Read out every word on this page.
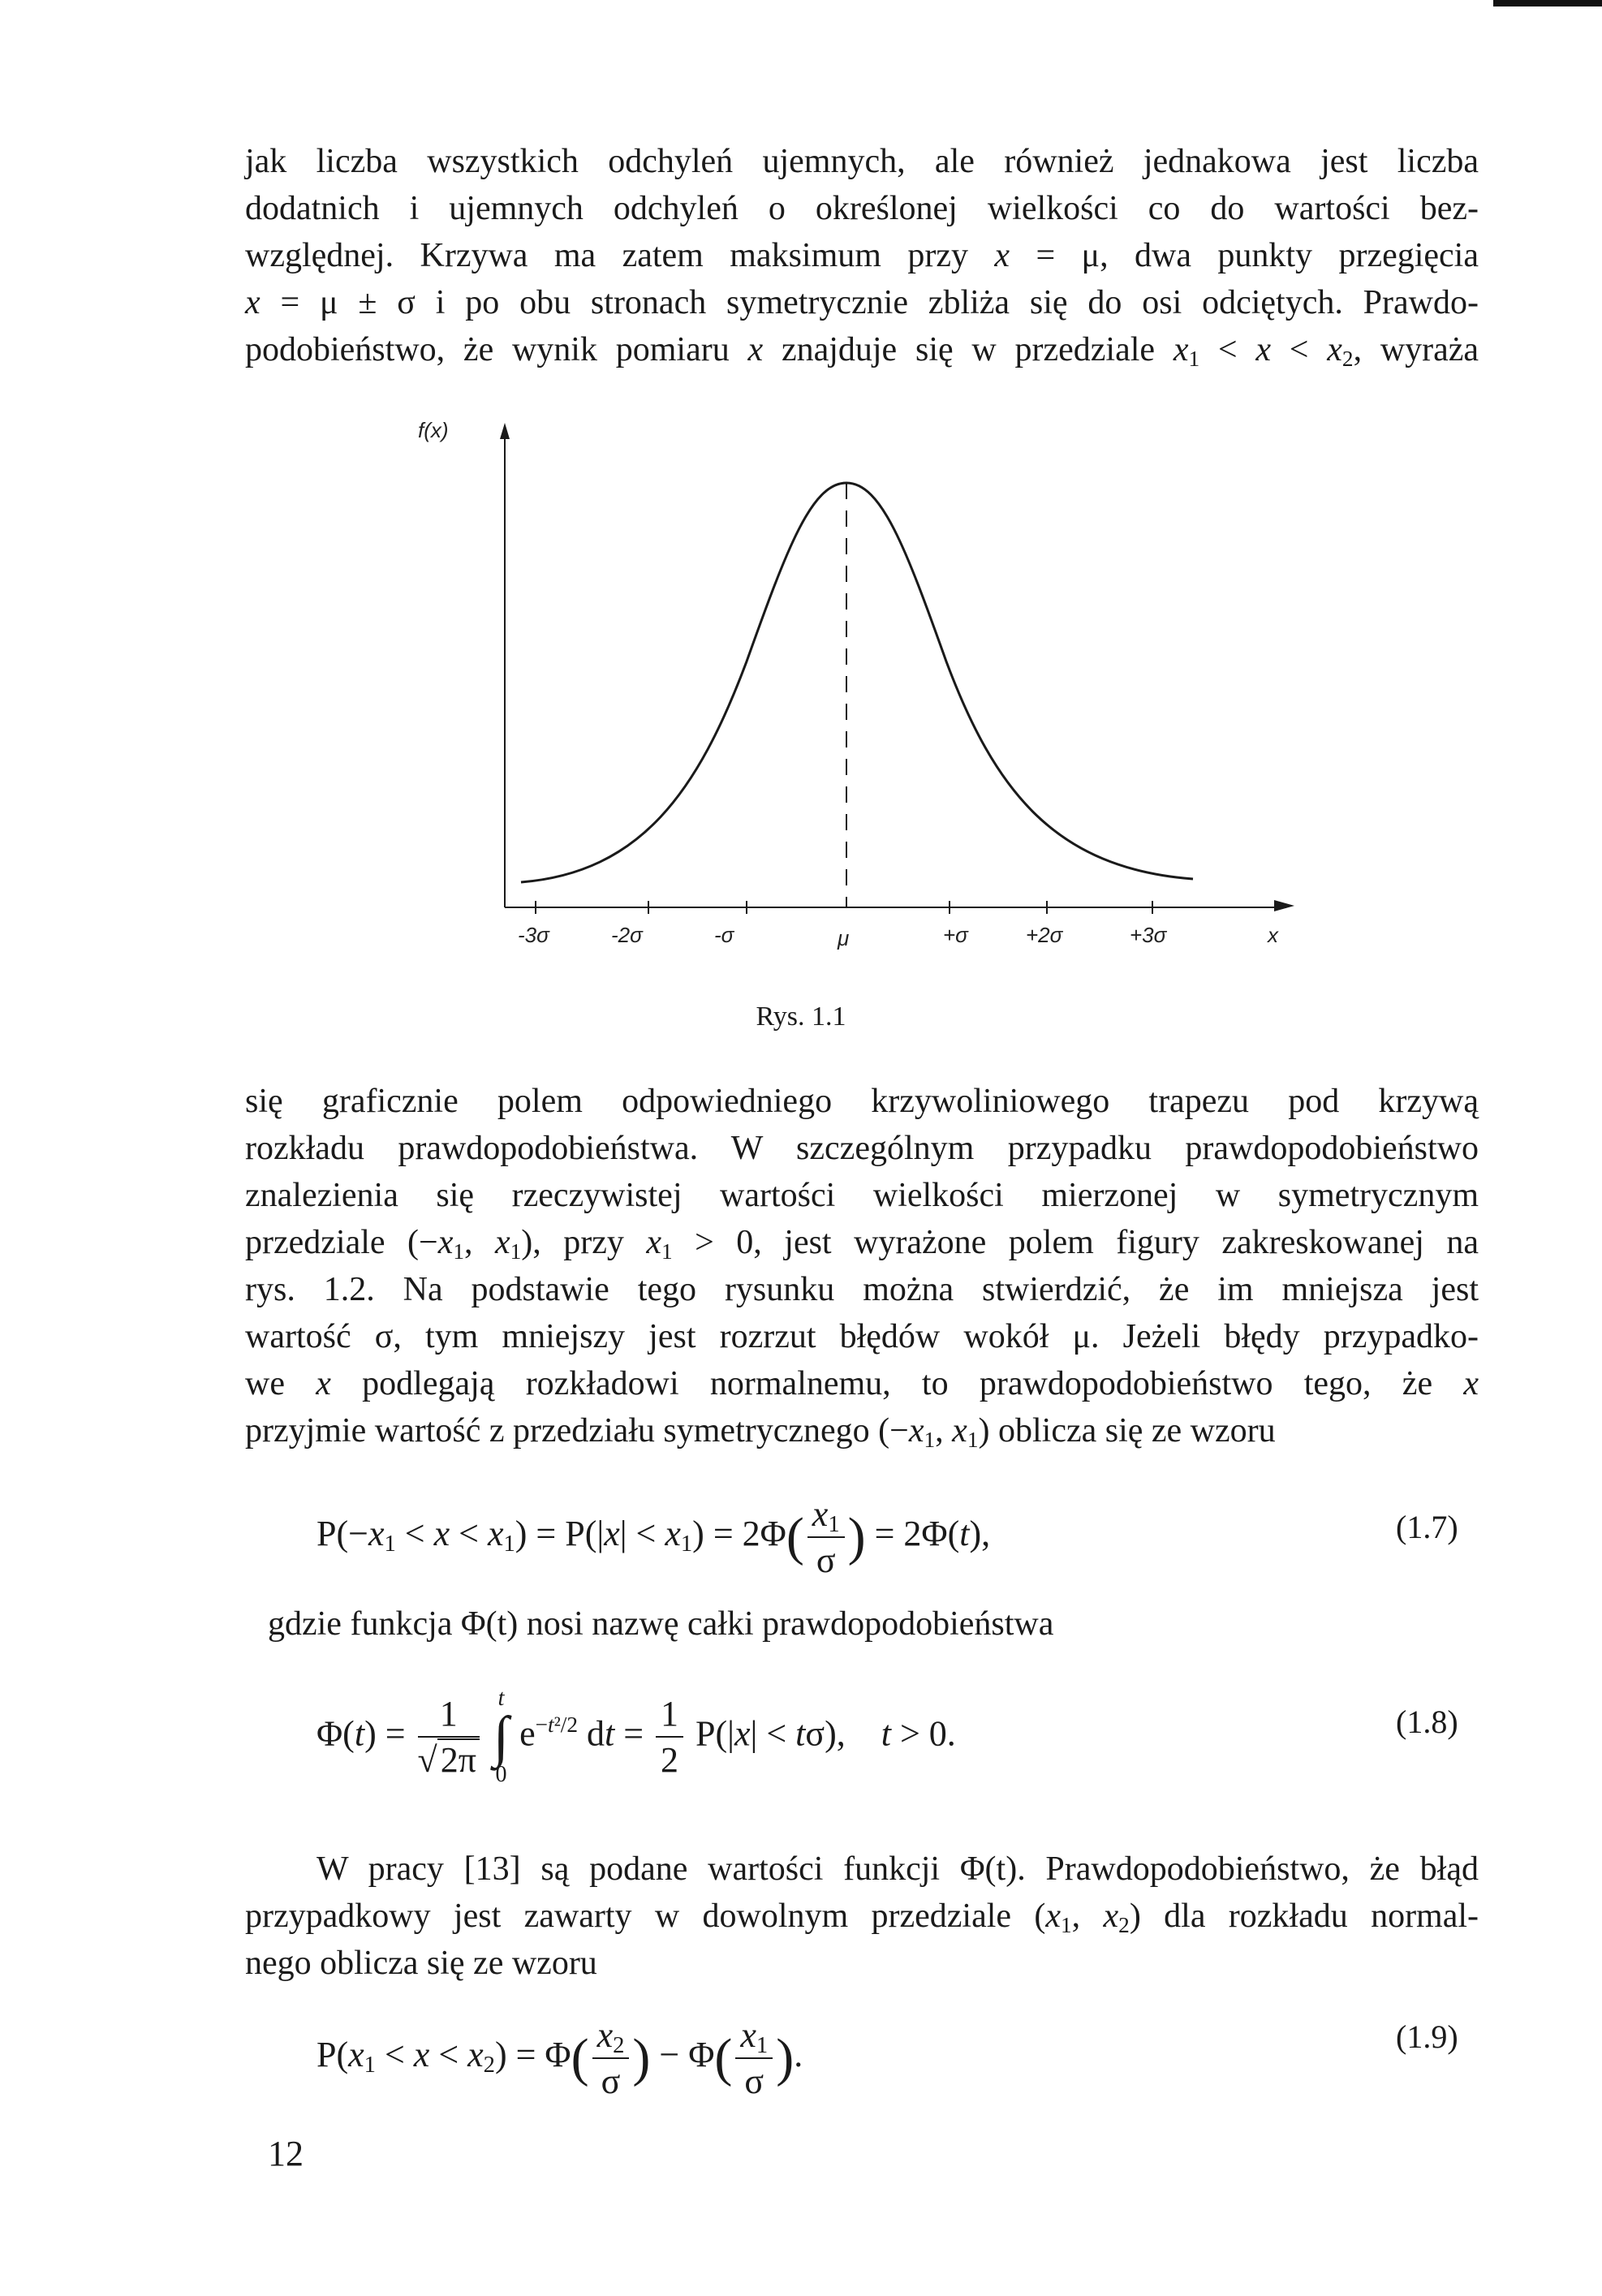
jak liczba wszystkich odchyleń ujemnych, ale również jednakowa jest liczba
dodatnich i ujemnych odchyleń o określonej wielkości co do wartości bez-
względnej. Krzywa ma zatem maksimum przy x = μ, dwa punkty przegięcia
x = μ ± σ i po obu stronach symetrycznie zbliża się do osi odciętych. Prawdo-
podobieństwo, że wynik pomiaru x znajduje się w przedziale $x_1 < x < x_2$, wyraża
f(x)
x
-3σ	-2σ	-σ	μ	+σ	+2σ	+3σ
Rys. 1.1
się graficznie polem odpowiedniego krzywoliniowego trapezu pod krzywą
rozkładu prawdopodobieństwa. W szczególnym przypadku prawdopodobieństwo
znalezienia się rzeczywistej wartości wielkości mierzonej w symetrycznym
przedziale ($-x_1$, $x_1$), przy $x_1 > 0$, jest wyrażone polem figury zakreskowanej na
rys. 1.2. Na podstawie tego rysunku można stwierdzić, że im mniejsza jest
wartość σ, tym mniejszy jest rozrzut błędów wokół μ. Jeżeli błędy przypadko-
we x podlegają rozkładowi normalnemu, to prawdopodobieństwo tego, że x
przyjmie wartość z przedziału symetrycznego ($-x_1$, $x_1$) oblicza się ze wzoru
$P(-x_1 < x < x_1) = P(|x| < x_1) = 2\Phi( \frac{x_1}{\sigma}$ ) = 2Φ(t),	(1.7)
gdzie funkcja Φ(t) nosi nazwę całki prawdopodobieństwa
$\Phi(t) = \frac{1}{√2\pi}$ t
∫
0 $e^{-t^2/2}$ dt = $\frac{1}{2} P(|x| < t\sigma)$,    t > 0.	(1.8)
W pracy [13] są podane wartości funkcji Φ(t). Prawdopodobieństwo, że błąd
przypadkowy jest zawarty w dowolnym przedziale ($x_1$, $x_2$) dla rozkładu normal-
nego oblicza się ze wzoru
$P(x_1 < x < x_2) = \Phi( \frac{x_2}{\sigma}$ ) − $\Phi( \frac{x_1}{\sigma}$ ).	(1.9)
12
